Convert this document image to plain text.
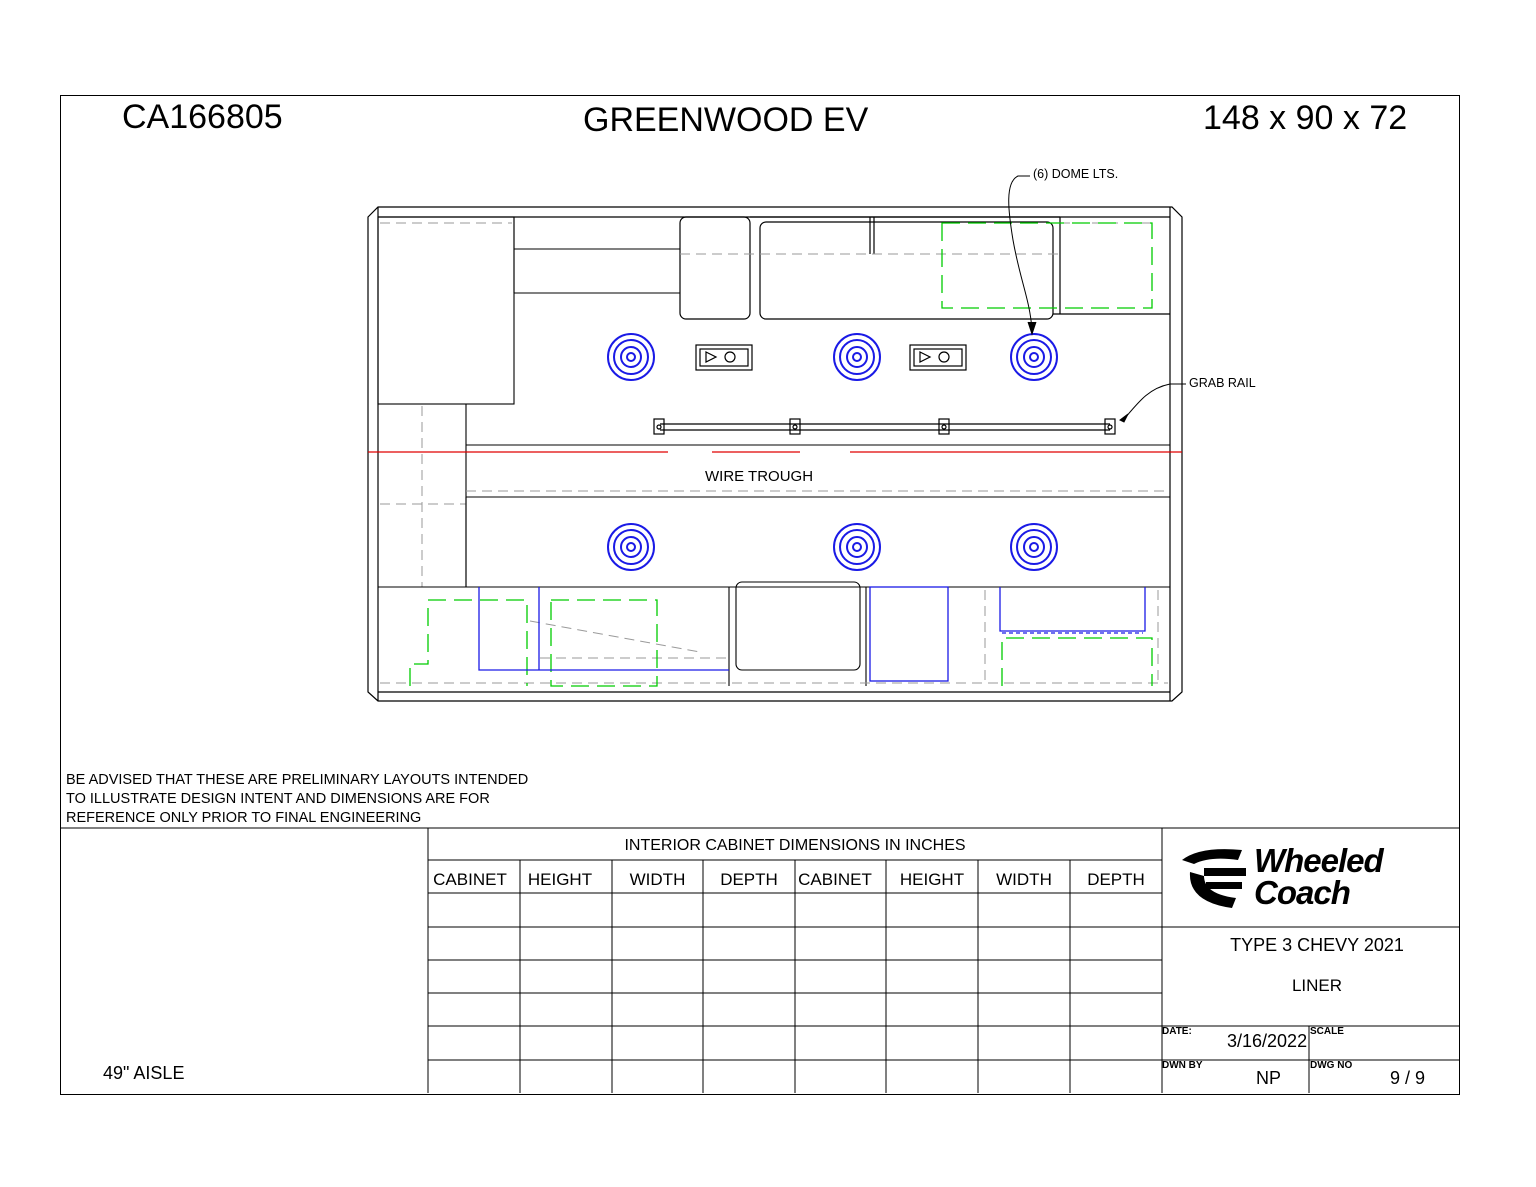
CA166805	GREENWOOD EV	148 x 90 x 72
(6) DOME LTS.
GRAB RAIL
WIRE TROUGH
BE ADVISED THAT THESE ARE PRELIMINARY LAYOUTS INTENDED
TO ILLUSTRATE DESIGN INTENT AND DIMENSIONS ARE FOR
REFERENCE ONLY PRIOR TO FINAL ENGINEERING
49" AISLE
INTERIOR CABINET DIMENSIONS IN INCHES
CABINET	HEIGHT	WIDTH	DEPTH	CABINET	HEIGHT	WIDTH	DEPTH
Wheeled
Coach
TYPE 3 CHEVY 2021
LINER
DATE: 3/16/2022 SCALE
DWN BY
NP
DWG NO
9 / 9
